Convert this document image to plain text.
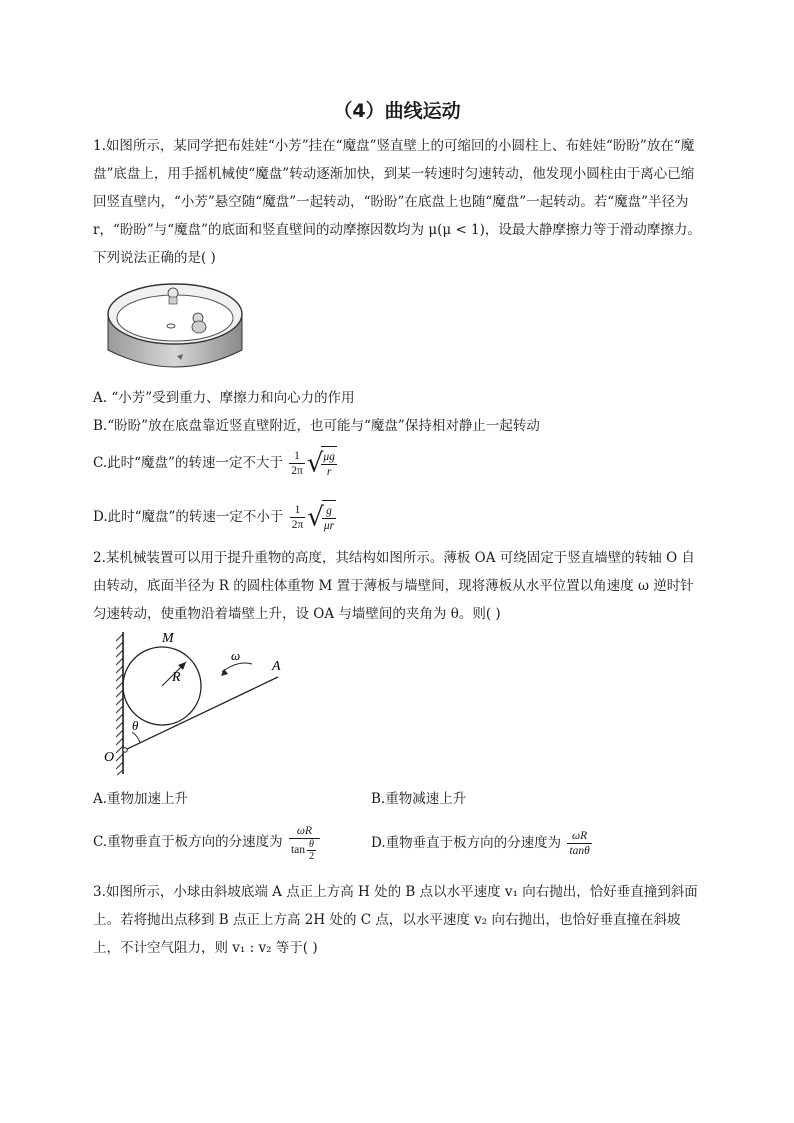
（4）曲线运动
1.如图所示，某同学把布娃娃“小芳”挂在“魔盘”竖直壁上的可缩回的小圆柱上、布娃娃“盼盼”放在“魔盘”底盘上，用手摇机械使“魔盘”转动逐渐加快，到某一转速时匀速转动，他发现小圆柱由于离心已缩回竖直壁内，“小芳”悬空随“魔盘”一起转动，“盼盼”在底盘上也随“魔盘”一起转动。若“魔盘”半径为 r，“盼盼”与“魔盘”的底面和竖直壁间的动摩擦因数均为 μ(μ < 1)，设最大静摩擦力等于滑动摩擦力。下列说法正确的是( )
A. “小芳”受到重力、摩擦力和向心力的作用
B.“盼盼”放在底盘靠近竖直壁附近，也可能与“魔盘”保持相对静止一起转动
C.此时“魔盘”的转速一定不大于 $\frac{1}{2\pi}$ √
$\frac{\mu g}{r}$
D.此时“魔盘”的转速一定不小于 $\frac{1}{2\pi}$ √
$\frac{g}{\mu r}$
2.某机械装置可以用于提升重物的高度，其结构如图所示。薄板 OA 可绕固定于竖直墙壁的转轴 O 自由转动，底面半径为 R 的圆柱体重物 M 置于薄板与墙壁间，现将薄板从水平位置以角速度 ω 逆时针匀速转动，使重物沿着墙壁上升，设 OA 与墙壁间的夹角为 θ。则( )
M
R
ω
A
θ
O
A.重物加速上升	B.重物减速上升
C.重物垂直于板方向的分速度为 $\frac{\omega R}{\tan \frac{\theta}{2}}$	D.重物垂直于板方向的分速度为 $\frac{\omega R}{\tan\theta}$
3.如图所示，小球由斜坡底端 A 点正上方高 H 处的 B 点以水平速度 v₁ 向右抛出，恰好垂直撞到斜面上。若将抛出点移到 B 点正上方高 2H 处的 C 点，以水平速度 v₂ 向右抛出，也恰好垂直撞在斜坡上，不计空气阻力，则 v₁ : v₂ 等于( )
